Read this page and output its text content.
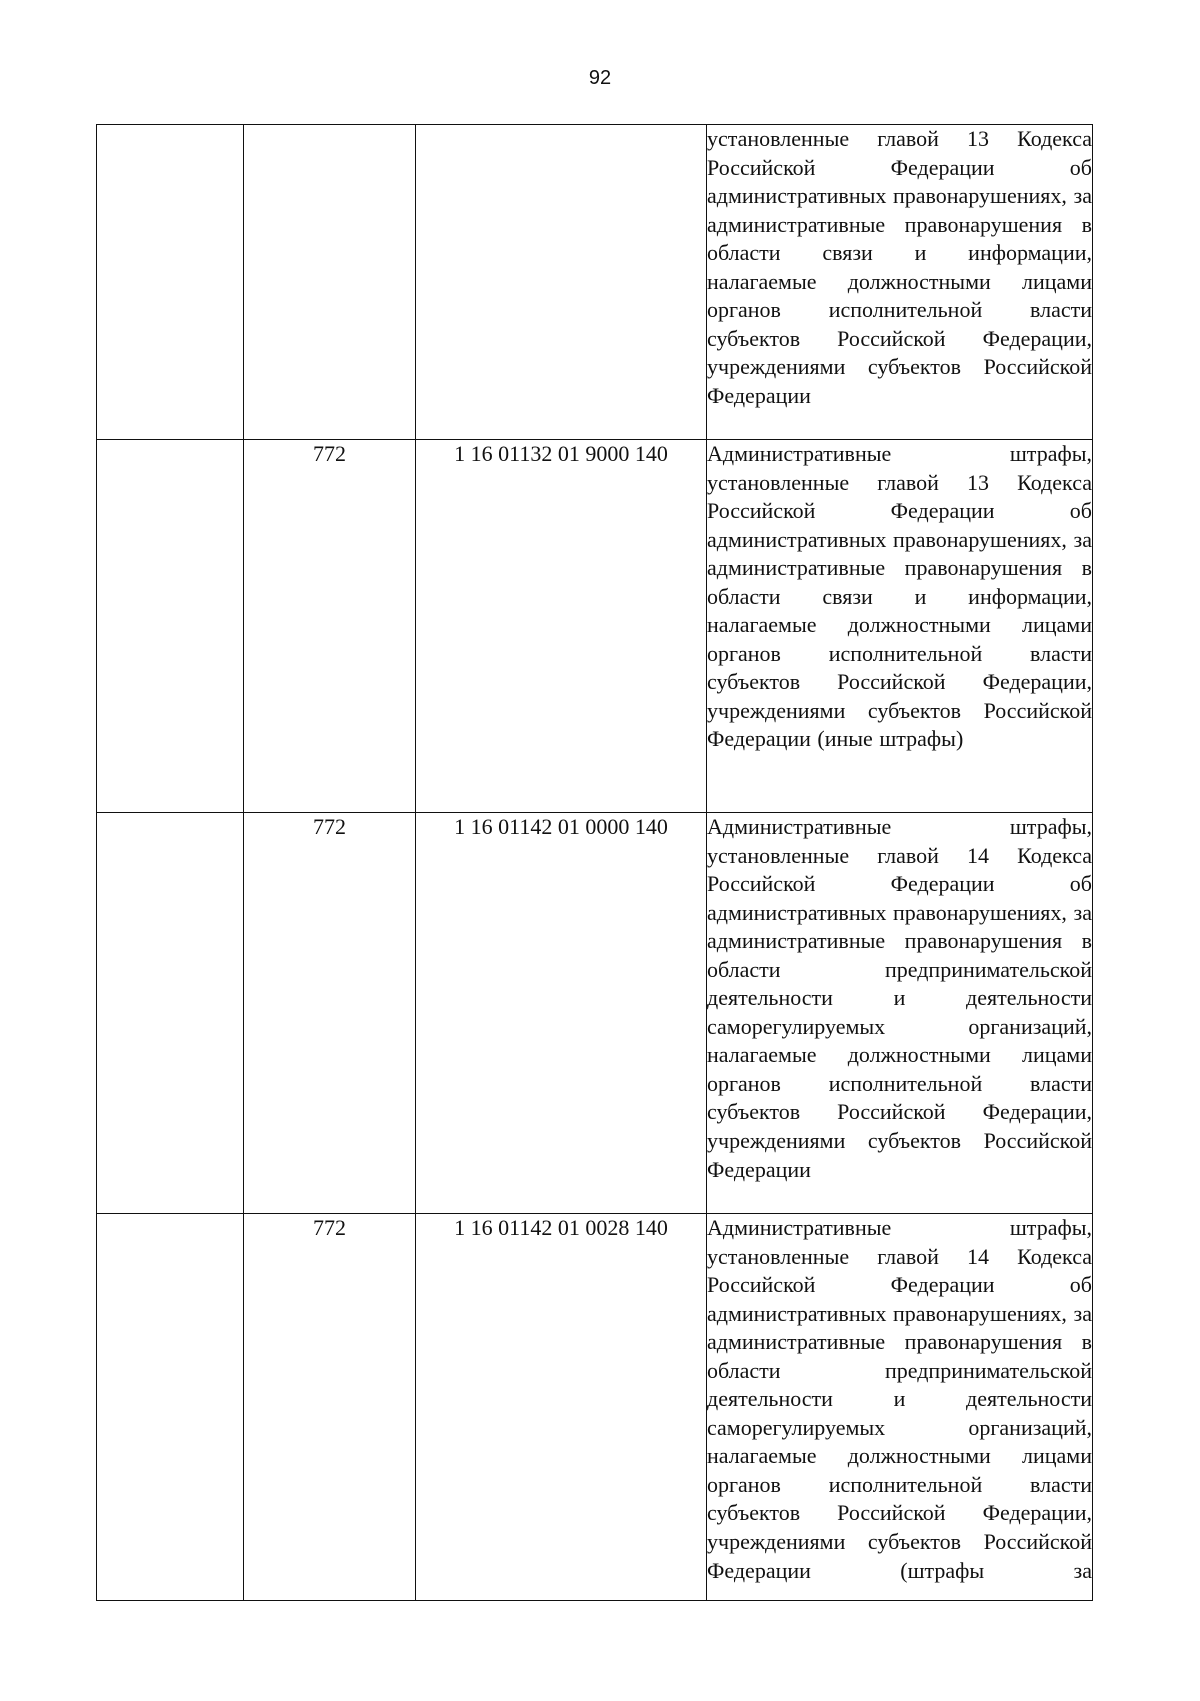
92
			установленные главой 13 Кодекса Российской Федерации об административных правонарушениях, за административные правонарушения в области связи и информации, налагаемые должностными лицами органов исполнительной власти субъектов Российской Федерации, учреждениями субъектов Российской Федерации
	772	1 16 01132 01 9000 140	Административные штрафы, установленные главой 13 Кодекса Российской Федерации об административных правонарушениях, за административные правонарушения в области связи и информации, налагаемые должностными лицами органов исполнительной власти субъектов Российской Федерации, учреждениями субъектов Российской Федерации (иные штрафы)
	772	1 16 01142 01 0000 140	Административные штрафы, установленные главой 14 Кодекса Российской Федерации об административных правонарушениях, за административные правонарушения в области предпринимательской деятельности и деятельности саморегулируемых организаций, налагаемые должностными лицами органов исполнительной власти субъектов Российской Федерации, учреждениями субъектов Российской Федерации
	772	1 16 01142 01 0028 140	Административные штрафы, установленные главой 14 Кодекса Российской Федерации об административных правонарушениях, за административные правонарушения в области предпринимательской деятельности и деятельности саморегулируемых организаций, налагаемые должностными лицами органов исполнительной власти субъектов Российской Федерации, учреждениями субъектов Российской Федерации (штрафы за
